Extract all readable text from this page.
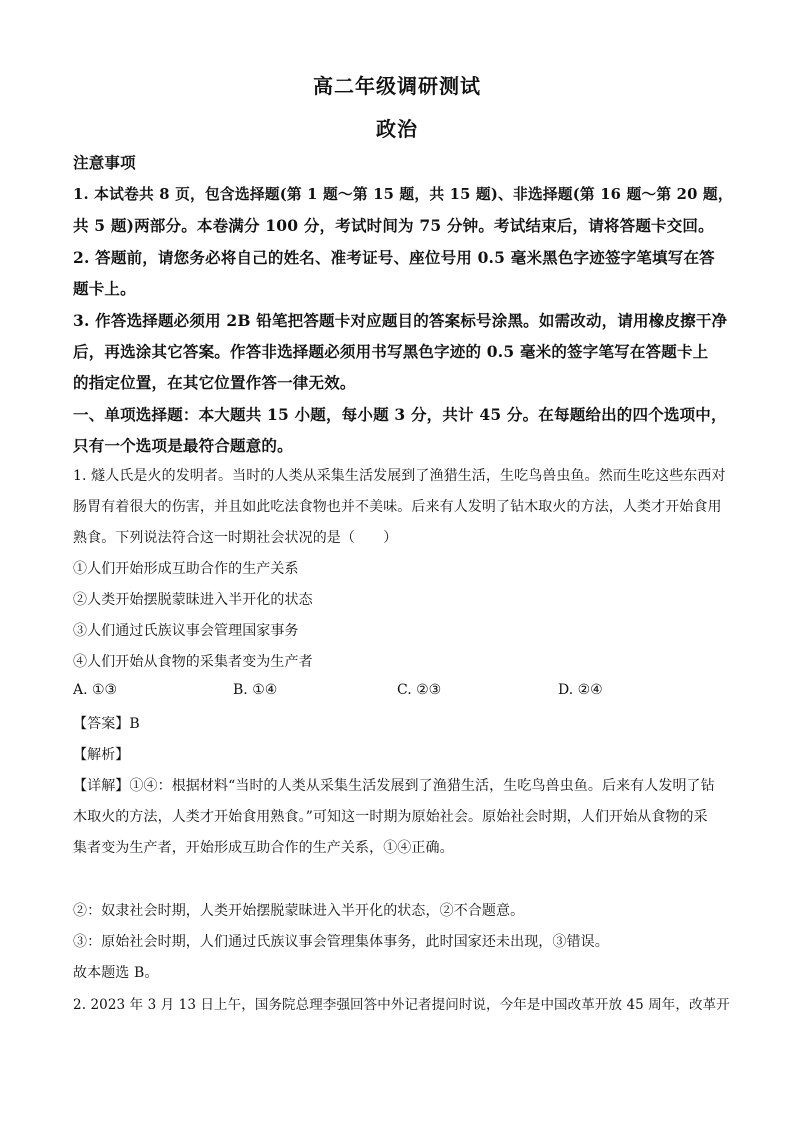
高二年级调研测试
政治
注意事项
1. 本试卷共 8 页，包含选择题(第 1 题～第 15 题，共 15 题)、非选择题(第 16 题～第 20 题，
共 5 题)两部分。本卷满分 100 分，考试时间为 75 分钟。考试结束后，请将答题卡交回。
2. 答题前，请您务必将自己的姓名、准考证号、座位号用 0.5 毫米黑色字迹签字笔填写在答
题卡上。
3. 作答选择题必须用 2B 铅笔把答题卡对应题目的答案标号涂黑。如需改动，请用橡皮擦干净
后，再选涂其它答案。作答非选择题必须用书写黑色字迹的 0.5 毫米的签字笔写在答题卡上
的指定位置，在其它位置作答一律无效。
一、单项选择题：本大题共 15 小题，每小题 3 分，共计 45 分。在每题给出的四个选项中，
只有一个选项是最符合题意的。
1. 燧人氏是火的发明者。当时的人类从采集生活发展到了渔猎生活，生吃鸟兽虫鱼。然而生吃这些东西对
肠胃有着很大的伤害，并且如此吃法食物也并不美味。后来有人发明了钻木取火的方法，人类才开始食用
熟食。下列说法符合这一时期社会状况的是（　　）
①人们开始形成互助合作的生产关系
②人类开始摆脱蒙昧进入半开化的状态
③人们通过氏族议事会管理国家事务
④人们开始从食物的采集者变为生产者
A. ①③	B. ①④	C. ②③	D. ②④
【答案】B
【解析】
【详解】①④：根据材料“当时的人类从采集生活发展到了渔猎生活，生吃鸟兽虫鱼。后来有人发明了钻
木取火的方法，人类才开始食用熟食。”可知这一时期为原始社会。原始社会时期，人们开始从食物的采
集者变为生产者，开始形成互助合作的生产关系，①④正确。
②：奴隶社会时期，人类开始摆脱蒙昧进入半开化的状态，②不合题意。
③：原始社会时期，人们通过氏族议事会管理集体事务，此时国家还未出现，③错误。
故本题选 B。
2. 2023 年 3 月 13 日上午，国务院总理李强回答中外记者提问时说，今年是中国改革开放 45 周年，改革开
